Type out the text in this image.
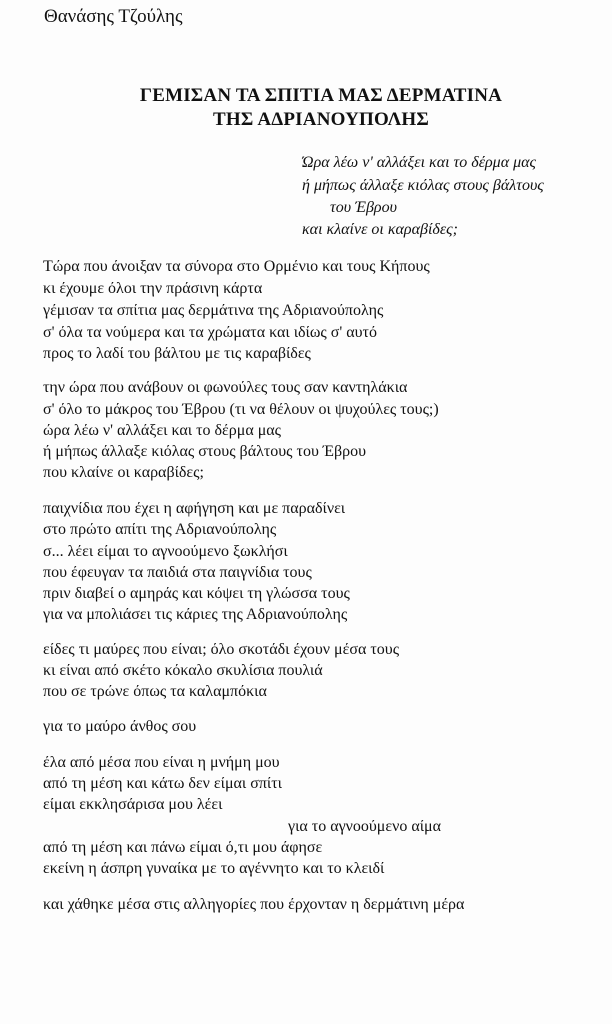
Θανάσης Τζούλης
ΓΕΜΙΣΑΝ ΤΑ ΣΠΙΤΙΑ ΜΑΣ ΔΕΡΜΑΤΙΝΑ
ΤΗΣ ΑΔΡΙΑΝΟΥΠΟΛΗΣ
Ώρα λέω ν' αλλάξει και το δέρμα μας
ή μήπως άλλαξε κιόλας στους βάλτους
του Έβρου
και κλαίνε οι καραβίδες;
Τώρα που άνοιξαν τα σύνορα στο Ορμένιο και τους Κήπους
κι έχουμε όλοι την πράσινη κάρτα
γέμισαν τα σπίτια μας δερμάτινα της Αδριανούπολης
σ' όλα τα νούμερα και τα χρώματα και ιδίως σ' αυτό
προς το λαδί του βάλτου με τις καραβίδες
την ώρα που ανάβουν οι φωνούλες τους σαν καντηλάκια
σ' όλο το μάκρος του Έβρου (τι να θέλουν οι ψυχούλες τους;)
ώρα λέω ν' αλλάξει και το δέρμα μας
ή μήπως άλλαξε κιόλας στους βάλτους του Έβρου
που κλαίνε οι καραβίδες;
παιχνίδια που έχει η αφήγηση και με παραδίνει
στο πρώτο απίτι της Αδριανούπολης
σ... λέει είμαι το αγνοούμενο ξωκλήσι
που έφευγαν τα παιδιά στα παιγνίδια τους
πριν διαβεί ο αμηράς και κόψει τη γλώσσα τους
για να μπολιάσει τις κάριες της Αδριανούπολης
είδες τι μαύρες που είναι; όλο σκοτάδι έχουν μέσα τους
κι είναι από σκέτο κόκαλο σκυλίσια πουλιά
που σε τρώνε όπως τα καλαμπόκια
για το μαύρο άνθος σου
έλα από μέσα που είναι η μνήμη μου
από τη μέση και κάτω δεν είμαι σπίτι
είμαι εκκλησάρισα μου λέει
για το αγνοούμενο αίμα
από τη μέση και πάνω είμαι ό,τι μου άφησε
εκείνη η άσπρη γυναίκα με το αγέννητο και το κλειδί
και χάθηκε μέσα στις αλληγορίες που έρχονταν η δερμάτινη μέρα
